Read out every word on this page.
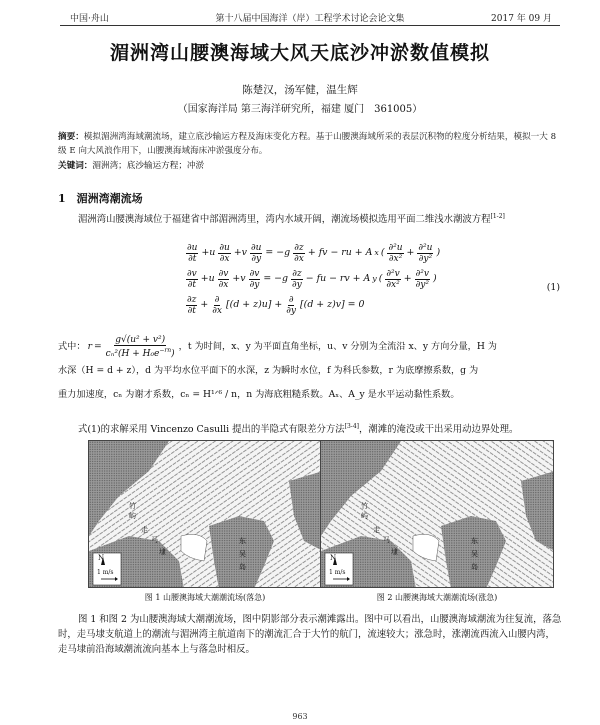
中国·舟山	第十八届中国海洋（岸）工程学术讨论会论文集	2017 年 09 月
湄洲湾山腰澳海域大风天底沙冲淤数值模拟
陈楚汉，汤军健，温生辉
（国家海洋局 第三海洋研究所，福建 厦门　361005）
摘要：模拟湄洲湾海域潮流场，建立底沙输运方程及海床变化方程。基于山腰澳海域所采的表层沉积物的粒度分析结果，模拟一大 8 级 E 向大风浪作用下，山腰澳海域海床冲淤强度分布。
关键词：湄洲湾；底沙输运方程；冲淤
1　湄洲湾潮流场
湄洲湾山腰澳海域位于福建省中部湄洲湾里，湾内水域开阔，潮流场模拟选用平面二维浅水潮波方程[1-2]
$\frac{\partial u}{\partial t} +u \frac{\partial u}{\partial x} +v \frac{\partial u}{\partial y} = -g \frac{\partial z}{\partial x}$ + fv − ru + A x ( $\frac{\text{∂²u}}{\text{∂x²}} + \frac{\text{∂²u}}{\text{∂y²}}$ )
$\frac{\partial v}{\partial t} +u \frac{\partial v}{\partial x} +v \frac{\partial v}{\partial y} = -g \frac{\partial z}{\partial y}$ − fu − rv + A y ( $\frac{\text{∂²v}}{\text{∂x²}} + \frac{\text{∂²v}}{\text{∂y²}}$ )
$\frac{\partial z}{\partial t} + \frac{\partial}{\partial x} [(d + z)u] + \frac{\partial}{\partial y} [(d + z)v] = 0$
(1)
式中： $r = \frac{\text{g√(u² + v²)}}{c_n^2(H + H_0e^{-rn})}$ ，t 为时间，x、y 为平面直角坐标，u、v 分别为全流沿 x、y 方向分量，H 为
水深（H = d + z），d 为平均水位平面下的水深，z 为瞬时水位，f 为科氏参数，r 为底摩擦系数，g 为
重力加速度，cₙ 为谢才系数，cₙ = H¹ᐟ⁶ / n，n 为海底粗糙系数。Aₓ、A_y 是水平运动黏性系数。
式(1)的求解采用 Vincenzo Casulli 提出的半隐式有限差分方法[3-4]，潮滩的淹没或干出采用动边界处理。
N
1 m/s
竹
屿
走
马
埭
东
吴
岛
N
1 m/s
竹
屿
走
马
埭
东
吴
岛
图 1 山腰澳海域大潮潮流场(落急)	图 2 山腰澳海域大潮潮流场(涨急)
图 1 和图 2 为山腰澳海域大潮潮流场，图中阴影部分表示潮滩露出。图中可以看出，山腰澳海域潮流为往复流，落急时，走马埭支航道上的潮流与湄洲湾主航道南下的潮流汇合于大竹的航门，流速较大；涨急时，涨潮流西流入山腰内湾，走马埭前沿海域潮流流向基本上与落急时相反。
963
